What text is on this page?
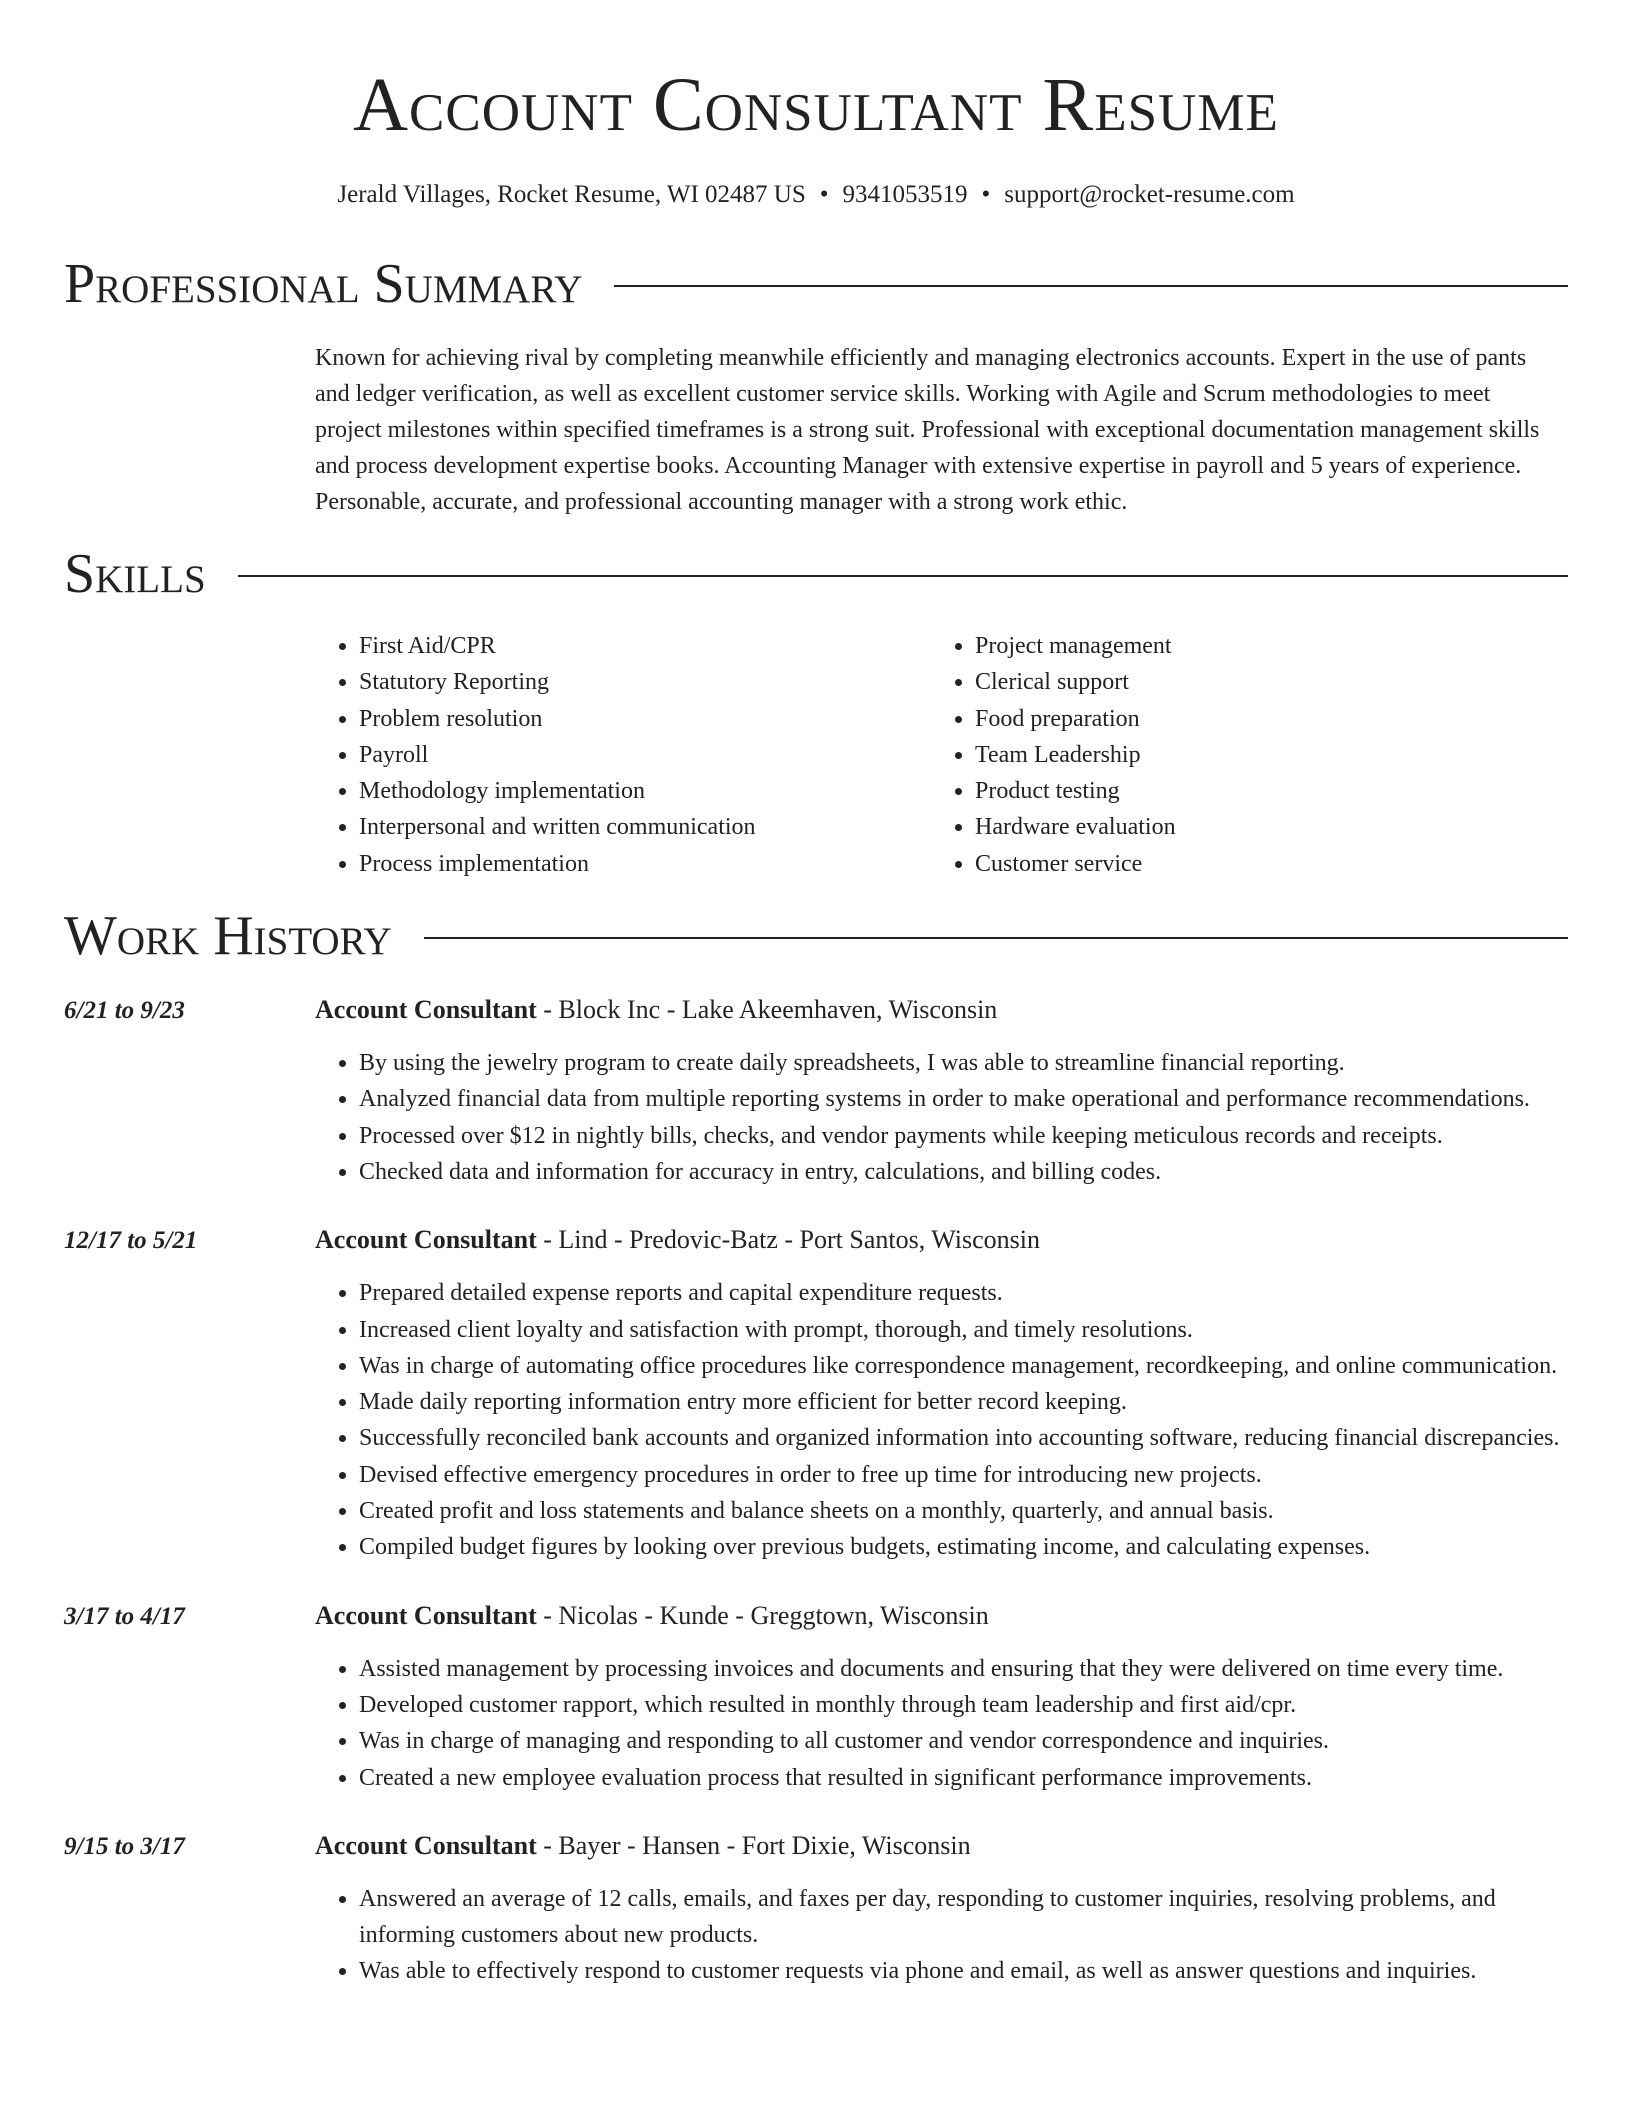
Account Consultant Resume
Jerald Villages, Rocket Resume, WI 02487 US • 9341053519 • support@rocket-resume.com
Professional Summary
Known for achieving rival by completing meanwhile efficiently and managing electronics accounts. Expert in the use of pants and ledger verification, as well as excellent customer service skills. Working with Agile and Scrum methodologies to meet project milestones within specified timeframes is a strong suit. Professional with exceptional documentation management skills and process development expertise books. Accounting Manager with extensive expertise in payroll and 5 years of experience. Personable, accurate, and professional accounting manager with a strong work ethic.
Skills
• First Aid/CPR
• Statutory Reporting
• Problem resolution
• Payroll
• Methodology implementation
• Interpersonal and written communication
• Process implementation
• Project management
• Clerical support
• Food preparation
• Team Leadership
• Product testing
• Hardware evaluation
• Customer service
Work History
6/21 to 9/23	Account Consultant - Block Inc - Lake Akeemhaven, Wisconsin
• By using the jewelry program to create daily spreadsheets, I was able to streamline financial reporting.
• Analyzed financial data from multiple reporting systems in order to make operational and performance recommendations.
• Processed over $12 in nightly bills, checks, and vendor payments while keeping meticulous records and receipts.
• Checked data and information for accuracy in entry, calculations, and billing codes.
12/17 to 5/21	Account Consultant - Lind - Predovic-Batz - Port Santos, Wisconsin
• Prepared detailed expense reports and capital expenditure requests.
• Increased client loyalty and satisfaction with prompt, thorough, and timely resolutions.
• Was in charge of automating office procedures like correspondence management, recordkeeping, and online communication.
• Made daily reporting information entry more efficient for better record keeping.
• Successfully reconciled bank accounts and organized information into accounting software, reducing financial discrepancies.
• Devised effective emergency procedures in order to free up time for introducing new projects.
• Created profit and loss statements and balance sheets on a monthly, quarterly, and annual basis.
• Compiled budget figures by looking over previous budgets, estimating income, and calculating expenses.
3/17 to 4/17	Account Consultant - Nicolas - Kunde - Greggtown, Wisconsin
• Assisted management by processing invoices and documents and ensuring that they were delivered on time every time.
• Developed customer rapport, which resulted in monthly through team leadership and first aid/cpr.
• Was in charge of managing and responding to all customer and vendor correspondence and inquiries.
• Created a new employee evaluation process that resulted in significant performance improvements.
9/15 to 3/17	Account Consultant - Bayer - Hansen - Fort Dixie, Wisconsin
• Answered an average of 12 calls, emails, and faxes per day, responding to customer inquiries, resolving problems, and informing customers about new products.
• Was able to effectively respond to customer requests via phone and email, as well as answer questions and inquiries.
